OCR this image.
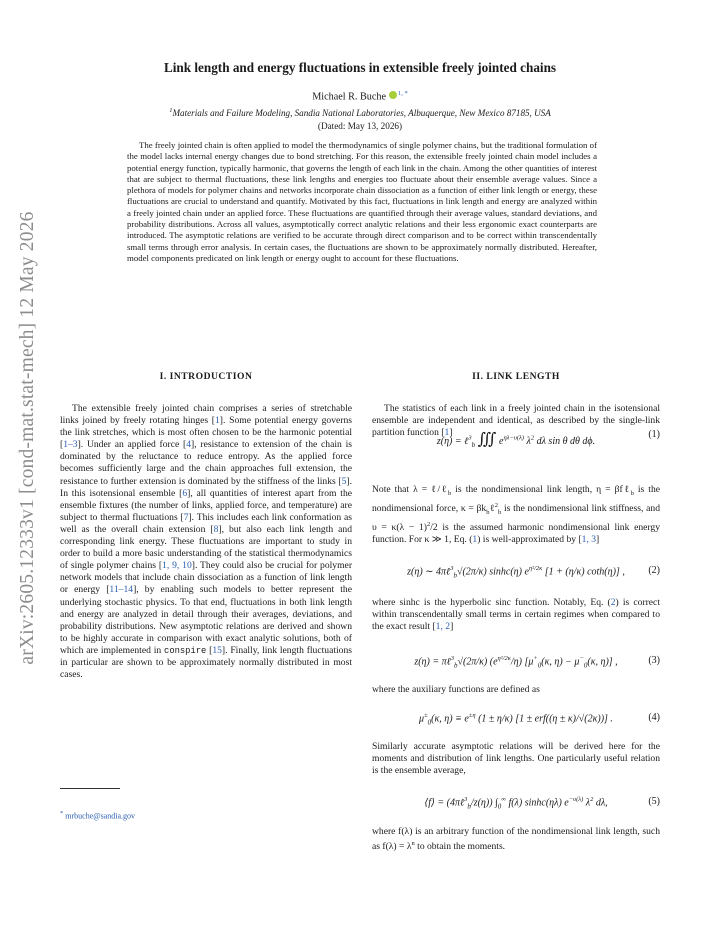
arXiv:2605.12333v1 [cond-mat.stat-mech] 12 May 2026
Link length and energy fluctuations in extensible freely jointed chains
Michael R. Buche $^{1, *}$
$^1$Materials and Failure Modeling, Sandia National Laboratories, Albuquerque, New Mexico 87185, USA
(Dated: May 13, 2026)
The freely jointed chain is often applied to model the thermodynamics of single polymer chains, but the traditional formulation of the model lacks internal energy changes due to bond stretching. For this reason, the extensible freely jointed chain model includes a potential energy function, typically harmonic, that governs the length of each link in the chain. Among the other quantities of interest that are subject to thermal fluctuations, these link lengths and energies too fluctuate about their ensemble average values. Since a plethora of models for polymer chains and networks incorporate chain dissociation as a function of either link length or energy, these fluctuations are crucial to understand and quantify. Motivated by this fact, fluctuations in link length and energy are analyzed within a freely jointed chain under an applied force. These fluctuations are quantified through their average values, standard deviations, and probability distributions. Across all values, asymptotically correct analytic relations and their less ergonomic exact counterparts are introduced. The asymptotic relations are verified to be accurate through direct comparison and to be correct within transcendentally small terms through error analysis. In certain cases, the fluctuations are shown to be approximately normally distributed. Hereafter, model components predicated on link length or energy ought to account for these fluctuations.
I. INTRODUCTION	II. LINK LENGTH

The extensible freely jointed chain comprises a series of stretchable links joined by freely rotating hinges [1]. Some potential energy governs the link stretches, which is most often chosen to be the harmonic potential [1–3]. Under an applied force [4], resistance to extension of the chain is dominated by the reluctance to reduce entropy. As the applied force becomes sufficiently large and the chain approaches full extension, the resistance to further extension is dominated by the stiffness of the links [5]. In this isotensional ensemble [6], all quantities of interest apart from the ensemble fixtures (the number of links, applied force, and temperature) are subject to thermal fluctuations [7]. This includes each link conformation as well as the overall chain extension [8], but also each link length and corresponding link energy. These fluctuations are important to study in order to build a more basic understanding of the statistical thermodynamics of single polymer chains [1, 9, 10]. They could also be crucial for polymer network models that include chain dissociation as a function of link length or energy [11–14], by enabling such models to better represent the underlying stochastic physics. To that end, fluctuations in both link length and energy are analyzed in detail through their averages, deviations, and probability distributions. New asymptotic relations are derived and shown to be highly accurate in comparison with exact analytic solutions, both of which are implemented in conspire [15]. Finally, link length fluctuations in particular are shown to be approximately normally distributed in most cases.

The statistics of each link in a freely jointed chain in the isotensional ensemble are independent and identical, as described by the single-link partition function [1]

z(η) = ℓ$^3_b$ ∭ $e^{\eta\lambda-\upsilon(\lambda)}$ $\lambda^2$ dλ sin θ dθ dϕ.
(1)

Note that λ = ℓ/ℓ$_b$ is the nondimensional link length, η = βfℓ$_b$ is the nondimensional force, $\kappa = \beta k_b\ell^2_b$ is the nondimensional link stiffness, and $\upsilon = \kappa(\lambda - 1)^2/2$ is the assumed harmonic nondimensional link energy function. For κ ≫ 1, Eq. (1) is well-approximated by [1, 3]

z(η) ∼ 4πℓ$^3_b$√(2π/κ) sinhc(η) $e^{\eta^2/2\kappa}$ [1 + (η/κ) coth(η)] ,	(2)

where sinhc is the hyperbolic sinc function. Notably, Eq. (2) is correct within transcendentally small terms in certain regimes when compared to the exact result [1, 2]

z(η) = πℓ$^3_b$√(2π/κ) $(e^{\eta^2/2\kappa}/\eta)$ [$\mu^+_0(\kappa$, $\eta) - \mu^-_0(\kappa$, η)] ,	(3)

where the auxiliary functions are defined as

$\mu^\pm_0(\kappa$, $\eta) \equiv e^{\pm\eta}$ (1 ± η/κ) [1 ± erf((η ± κ)/√(2κ))] .	(4)

Similarly accurate asymptotic relations will be derived here for the moments and distribution of link lengths. One particularly useful relation is the ensemble average,

⟨f⟩ = (4πℓ$^3_b$/z(η)) $\int_0^\infty$ f(λ) sinhc(ηλ) $e^{-\upsilon(\lambda)}$ $\lambda^2$ dλ,	(5)

where f(λ) is an arbitrary function of the nondimensional link length, such as $f(\lambda) = \lambda^n$ to obtain the moments.

* mrbuche@sandia.gov
